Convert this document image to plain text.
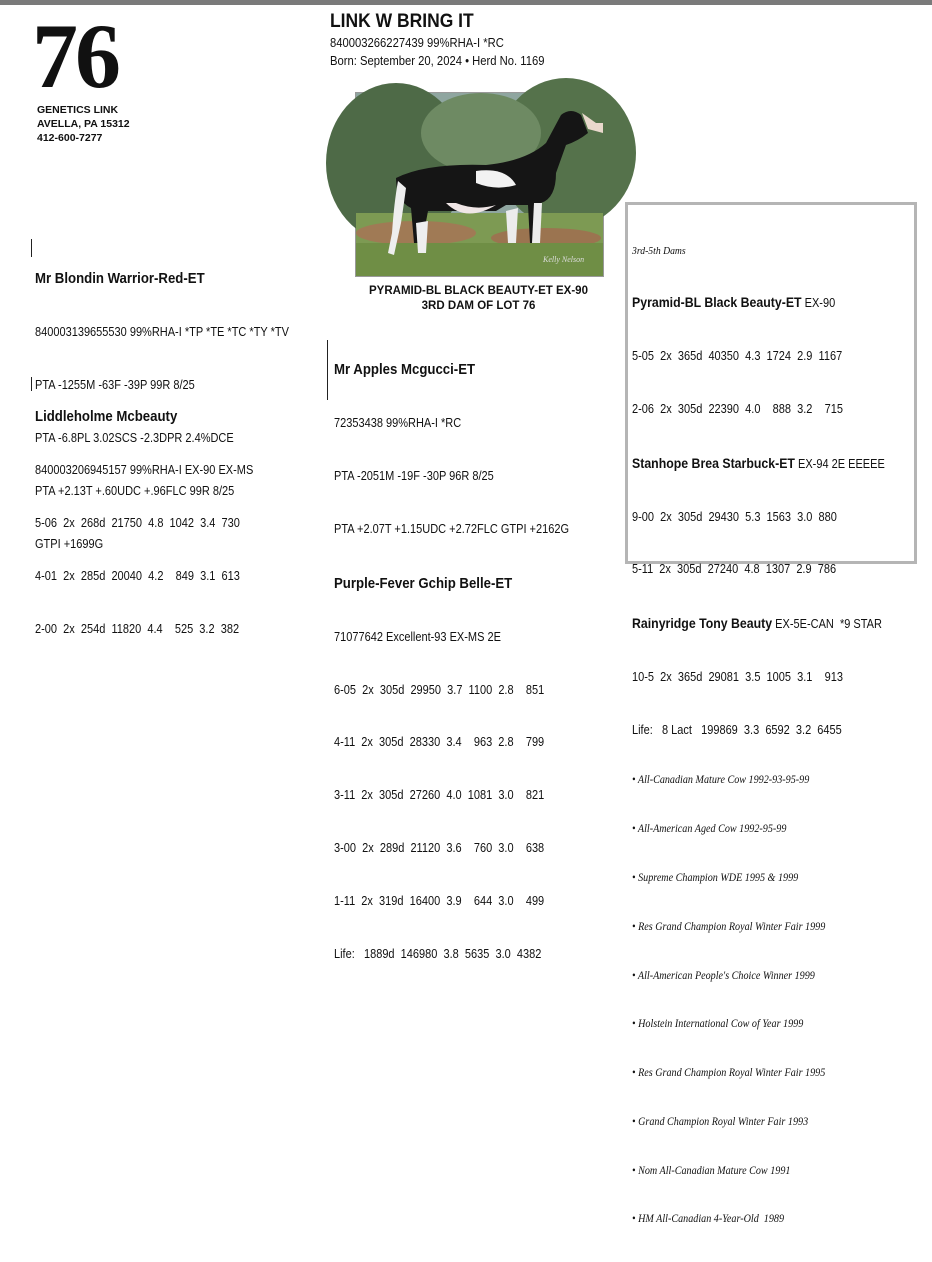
76
GENETICS LINK
AVELLA, PA 15312
412-600-7277
LINK W BRING IT
840003266227439 99%RHA-I *RC
Born: September 20, 2024 • Herd No. 1169
Kelly Nelson
PYRAMID-BL BLACK BEAUTY-ET EX-90
3RD DAM OF LOT 76

Mr Blondin Warrior-Red-ET

840003139655530 99%RHA-I *TP *TE *TC *TY *TV

PTA -1255M -63F -39P 99R 8/25

PTA -6.8PL 3.02SCS -2.3DPR 2.4%DCE

PTA +2.13T +.60UDC +.96FLC 99R 8/25

GTPI +1699G

Liddleholme Mcbeauty

840003206945157 99%RHA-I EX-90 EX-MS

5-06  2x  268d  21750  4.8  1042  3.4  730

4-01  2x  285d  20040  4.2    849  3.1  613

2-00  2x  254d  11820  4.4    525  3.2  382

Mr Apples Mcgucci-ET

72353438 99%RHA-I *RC

PTA -2051M -19F -30P 96R 8/25

PTA +2.07T +1.15UDC +2.72FLC GTPI +2162G

Purple-Fever Gchip Belle-ET

71077642 Excellent-93 EX-MS 2E

6-05  2x  305d  29950  3.7  1100  2.8    851

4-11  2x  305d  28330  3.4    963  2.8    799

3-11  2x  305d  27260  4.0  1081  3.0    821

3-00  2x  289d  21120  3.6    760  3.0    638

1-11  2x  319d  16400  3.9    644  3.0    499

Life:   1889d  146980  3.8  5635  3.0  4382

3rd-5th Dams

Pyramid-BL Black Beauty-ET EX-90

5-05  2x  365d  40350  4.3  1724  2.9  1167

2-06  2x  305d  22390  4.0    888  3.2    715

Stanhope Brea Starbuck-ET EX-94 2E EEEEE

9-00  2x  305d  29430  5.3  1563  3.0  880

5-11  2x  305d  27240  4.8  1307  2.9  786

Rainyridge Tony Beauty EX-5E-CAN  *9 STAR

10-5  2x  365d  29081  3.5  1005  3.1    913

Life:   8 Lact   199869  3.3  6592  3.2  6455

• All-Canadian Mature Cow 1992-93-95-99

• All-American Aged Cow 1992-95-99

• Supreme Champion WDE 1995 & 1999

• Res Grand Champion Royal Winter Fair 1999

• All-American People's Choice Winner 1999

• Holstein International Cow of Year 1999

• Res Grand Champion Royal Winter Fair 1995

• Grand Champion Royal Winter Fair 1993

• Nom All-Canadian Mature Cow 1991

• HM All-Canadian 4-Year-Old  1989
